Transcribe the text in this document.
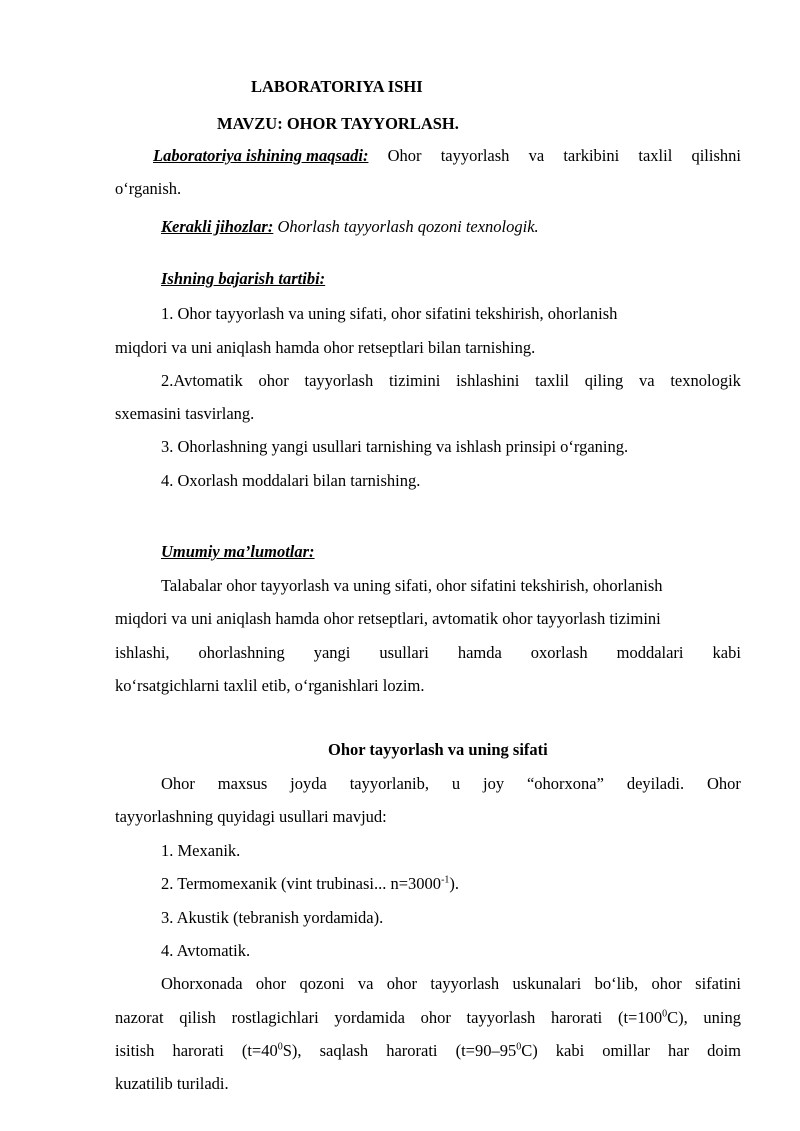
LABORATORIYA ISHI
MAVZU: OHOR TAYYORLASH.
Laboratoriya ishining maqsadi: Ohor tayyorlash va tarkibini taxlil qilishni
o‘rganish.
Kerakli jihozlar: Ohorlash tayyorlash qozoni texnologik.
Ishning bajarish tartibi:
1. Ohor tayyorlash va uning sifati, ohor sifatini tekshirish, ohorlanish
miqdori va uni aniqlash hamda ohor retseptlari bilan tarnishing.
2.Avtomatik ohor tayyorlash tizimini ishlashini taxlil qiling va texnologik
sxemasini tasvirlang.
3. Ohorlashning yangi usullari tarnishing va ishlash prinsipi o‘rganing.
4. Oxorlash moddalari bilan tarnishing.
Umumiy ma’lumotlar:
Talabalar ohor tayyorlash va uning sifati, ohor sifatini tekshirish, ohorlanish
miqdori va uni aniqlash hamda ohor retseptlari, avtomatik ohor tayyorlash tizimini
ishlashi, ohorlashning yangi usullari hamda oxorlash moddalari kabi
ko‘rsatgichlarni taxlil etib, o‘rganishlari lozim.
Ohor tayyorlash va uning sifati
Ohor maxsus joyda tayyorlanib, u joy “ohorxona” deyiladi. Ohor
tayyorlashning quyidagi usullari mavjud:
1. Mexanik.
2. Termomexanik (vint trubinasi... $n=3000^{-1}$).
3. Akustik (tebranish yordamida).
4. Avtomatik.
Ohorxonada ohor qozoni va ohor tayyorlash uskunalari bo‘lib, ohor sifatini
nazorat qilish rostlagichlari yordamida ohor tayyorlash harorati $(t=100^0C)$, uning
isitish harorati $(t=40^0S)$, saqlash harorati $(t=90-95^0C)$ kabi omillar har doim
kuzatilib turiladi.
